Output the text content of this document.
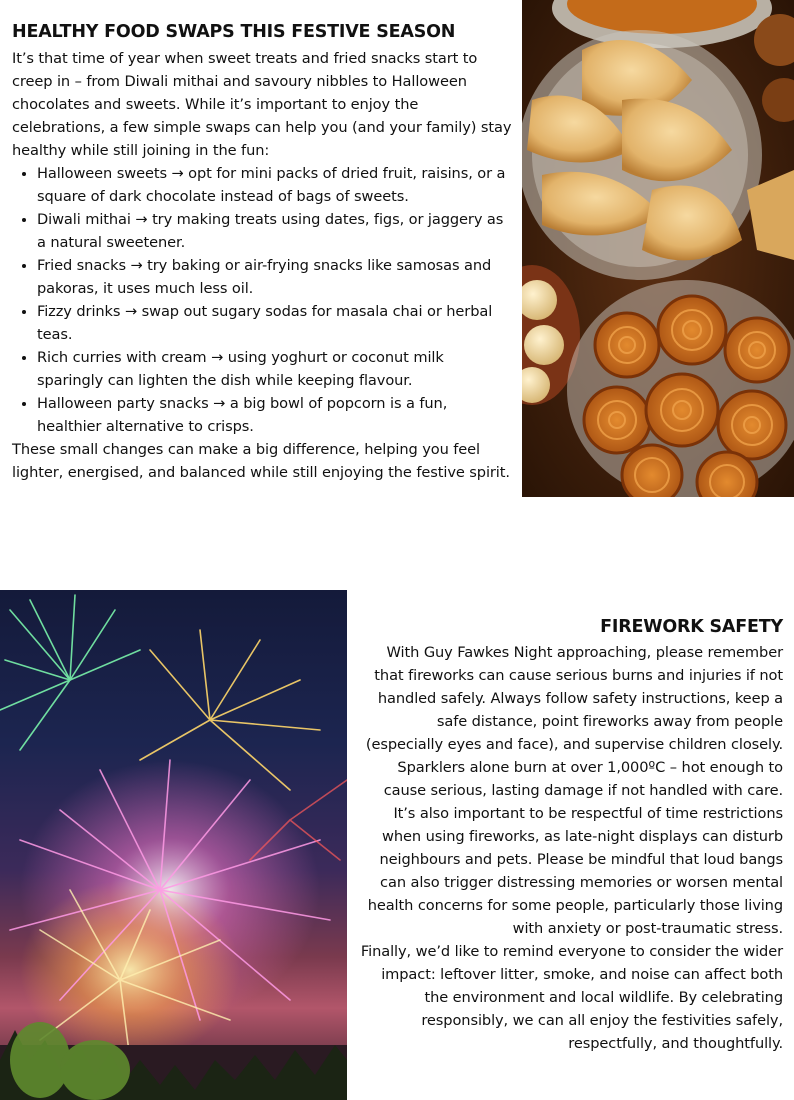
HEALTHY FOOD SWAPS THIS FESTIVE SEASON

It’s that time of year when sweet treats and fried snacks start to creep in – from Diwali mithai and savoury nibbles to Halloween chocolates and sweets. While it’s important to enjoy the celebrations, a few simple swaps can help you (and your family) stay healthy while still joining in the fun:

• Halloween sweets → opt for mini packs of dried fruit, raisins, or a square of dark chocolate instead of bags of sweets.
• Diwali mithai → try making treats using dates, figs, or jaggery as a natural sweetener.
• Fried snacks → try baking or air-frying snacks like samosas and pakoras, it uses much less oil.
• Fizzy drinks → swap out sugary sodas for masala chai or herbal teas.
• Rich curries with cream → using yoghurt or coconut milk sparingly can lighten the dish while keeping flavour.
• Halloween party snacks → a big bowl of popcorn is a fun, healthier alternative to crisps.

These small changes can make a big difference, helping you feel lighter, energised, and balanced while still enjoying the festive spirit.

FIREWORK SAFETY

With Guy Fawkes Night approaching, please remember that fireworks can cause serious burns and injuries if not handled safely. Always follow safety instructions, keep a safe distance, point fireworks away from people (especially eyes and face), and supervise children closely. Sparklers alone burn at over 1,000ºC – hot enough to cause serious, lasting damage if not handled with care.

It’s also important to be respectful of time restrictions when using fireworks, as late-night displays can disturb neighbours and pets. Please be mindful that loud bangs can also trigger distressing memories or worsen mental health concerns for some people, particularly those living with anxiety or post-traumatic stress.

Finally, we’d like to remind everyone to consider the wider impact: leftover litter, smoke, and noise can affect both the environment and local wildlife. By celebrating responsibly, we can all enjoy the festivities safely, respectfully, and thoughtfully.
